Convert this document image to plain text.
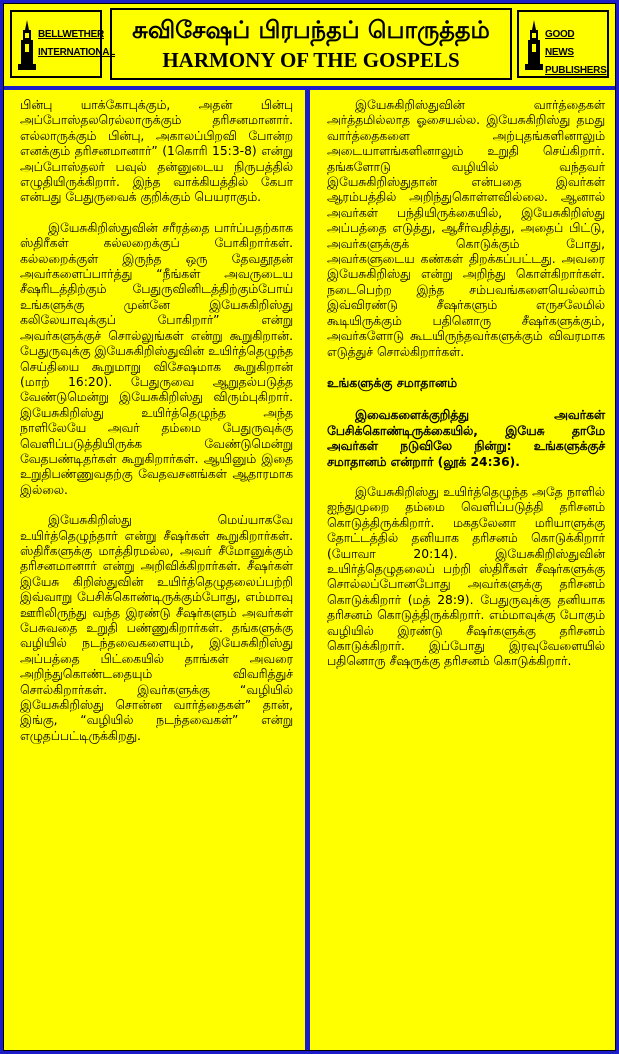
BELLWETHER INTERNATIONAL
சுவிசேஷப் பிரபந்தப் பொருத்தம்
HARMONY OF THE GOSPELS
GOOD NEWS PUBLISHERS

பின்பு யாக்கோபுக்கும், அதன் பின்பு அப்போஸ்தலரெல்லாருக்கும் தரிசனமானார். எல்லாருக்கும் பின்பு, அகாலப்பிறவி போன்ற எனக்கும் தரிசனமானார்” (1கொரி 15:3-8) என்று அப்போஸ்தலர் பவுல் தன்னுடைய நிருபத்தில் எழுதியிருக்கிறார். இந்த வாக்கியத்தில் கேபா என்பது பேதுருவைக் குறிக்கும் பெயராகும்.

இயேசுகிறிஸ்துவின் சரீரத்தை பார்ப்பதற்காக ஸ்திரீகள் கல்லறைக்குப் போகிறார்கள். கல்லறைக்குள் இருந்த ஒரு தேவதூதன் அவர்களைப்பார்த்து “நீங்கள் அவருடைய சீஷரிடத்திற்கும் பேதுருவினிடத்திற்கும்போய் உங்களுக்கு முன்னே இயேசுகிறிஸ்து கலிலேயாவுக்குப் போகிறார்” என்று அவர்களுக்குச் சொல்லுங்கள் என்று கூறுகிறான். பேதுருவுக்கு இயேசுகிறிஸ்துவின் உயிர்த்தெழுந்த செய்தியை கூறுமாறு விசேஷமாக கூறுகிறான் (மாற் 16:20). பேதுருவை ஆறுதல்படுத்த வேண்டுமென்று இயேசுகிறிஸ்து விரும்புகிறார். இயேசுகிறிஸ்து உயிர்த்தெழுந்த அந்த நாளிலேயே அவர் தம்மை பேதுருவுக்கு வெளிப்படுத்தியிருக்க வேண்டுமென்று வேதபண்டிதர்கள் கூறுகிறார்கள். ஆயினும் இதை உறுதிபண்ணுவதற்கு வேதவசனங்கள் ஆதாரமாக இல்லை.

இயேசுகிறிஸ்து மெய்யாகவே உயிர்த்தெழுந்தார் என்று சீஷர்கள் கூறுகிறார்கள். ஸ்திரீகளுக்கு மாத்திரமல்ல, அவர் சீமோனுக்கும் தரிசனமானார் என்று அறிவிக்கிறார்கள். சீஷர்கள் இயேசு கிறிஸ்துவின் உயிர்த்தெழுதலைப்பற்றி இவ்வாறு பேசிக்கொண்டிருக்கும்போது, எம்மாவு ஊரிலிருந்து வந்த இரண்டு சீஷர்களும் அவர்கள் பேசுவதை உறுதி பண்ணுகிறார்கள். தங்களுக்கு வழியில் நடந்தவைகளையும், இயேசுகிறிஸ்து அப்பத்தை பிட்கையில் தாங்கள் அவரை அறிந்துகொண்டதையும் விவரித்துச் சொல்கிறார்கள். இவர்களுக்கு “வழியில் இயேசுகிறிஸ்து சொன்ன வார்த்தைகள்” தான், இங்கு, “வழியில் நடந்தவைகள்” என்று எழுதப்பட்டிருக்கிறது.

இயேசுகிறிஸ்துவின் வார்த்தைகள் அர்த்தமில்லாத ஓசையல்ல. இயேசுகிறிஸ்து தமது வார்த்தைகளை அற்புதங்களினாலும் அடையாளங்களினாலும் உறுதி செய்கிறார். தங்களோடு வழியில் வந்தவர் இயேசுகிறிஸ்துதான் என்பதை இவர்கள் ஆரம்பத்தில் அறிந்துகொள்ளவில்லை. ஆனால் அவர்கள் பந்தியிருக்கையில், இயேசுகிறிஸ்து அப்பத்தை எடுத்து, ஆசீர்வதித்து, அதைப் பிட்டு, அவர்களுக்குக் கொடுக்கும் போது, அவர்களுடைய கண்கள் திறக்கப்பட்டது. அவரை இயேசுகிறிஸ்து என்று அறிந்து கொள்கிறார்கள். நடைபெற்ற இந்த சம்பவங்களையெல்லாம் இவ்விரண்டு சீஷர்களும் எருசலேமில் கூடியிருக்கும் பதினொரு சீஷர்களுக்கும், அவர்களோடு கூடயிருந்தவர்களுக்கும் விவரமாக எடுத்துச் சொல்கிறார்கள்.

உங்களுக்கு சமாதானம்

இவைகளைக்குறித்து அவர்கள் பேசிக்கொண்டிருக்கையில், இயேசு தாமே அவர்கள் நடுவிலே நின்று: உங்களுக்குச் சமாதானம் என்றார் (லூக் 24:36).

இயேசுகிறிஸ்து உயிர்த்தெழுந்த அதே நாளில் ஐந்துமுறை தம்மை வெளிப்படுத்தி தரிசனம் கொடுத்திருக்கிறார். மகதலேனா மரியாளுக்கு தோட்டத்தில் தனியாக தரிசனம் கொடுக்கிறார் (யோவா 20:14). இயேசுகிறிஸ்துவின் உயிர்த்தெழுதலைப் பற்றி ஸ்திரீகள் சீஷர்களுக்கு சொல்லப்போனபோது அவர்களுக்கு தரிசனம் கொடுக்கிறார் (மத் 28:9). பேதுருவுக்கு தனியாக தரிசனம் கொடுத்திருக்கிறார். எம்மாவுக்கு போகும் வழியில் இரண்டு சீஷர்களுக்கு தரிசனம் கொடுக்கிறார். இப்போது இரவுவேளையில் பதினொரு சீஷருக்கு தரிசனம் கொடுக்கிறார்.
